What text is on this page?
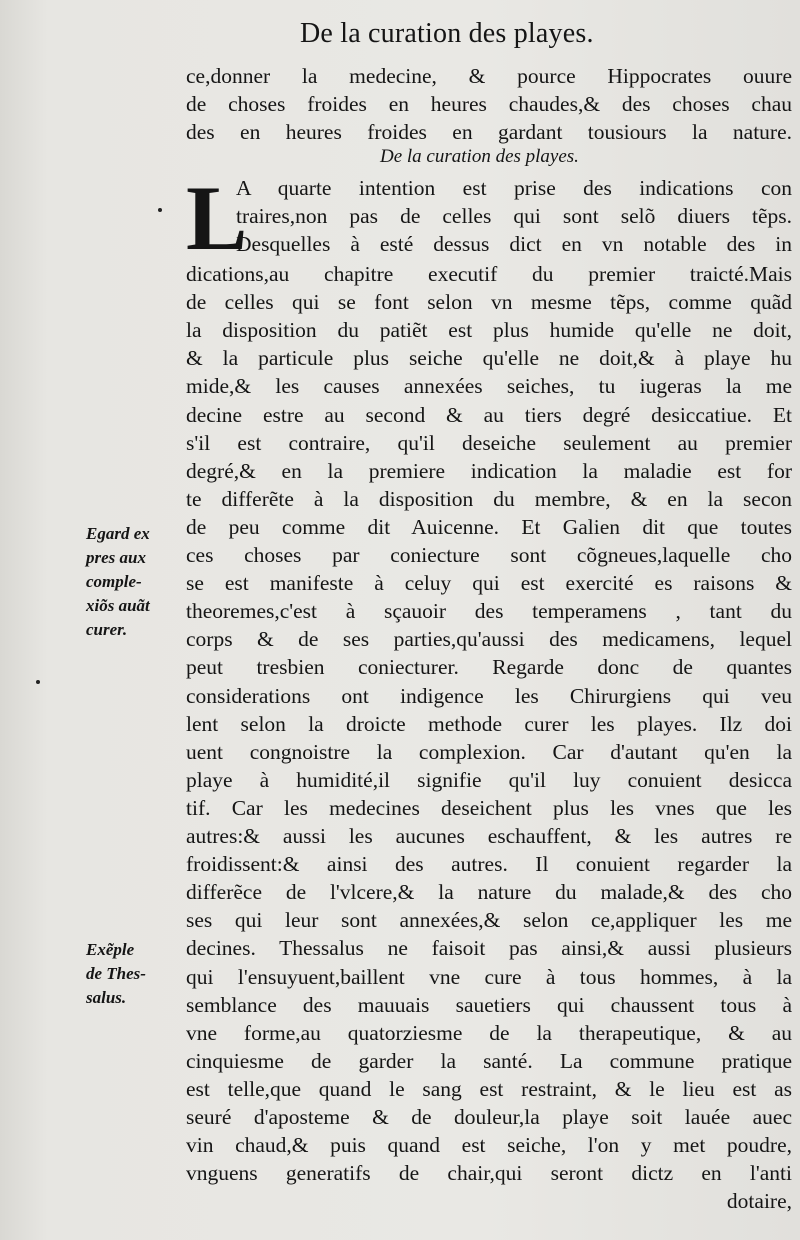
De la curation des playes.
ce,donner la medecine, & pource Hippocrates ouure
de choses froides en heures chaudes,& des choses chau
des en heures froides en gardant tousiours la nature.
De la curation des playes.
L
A quarte intention est prise des indications con
traires,non pas de celles qui sont selõ diuers tẽps.
Desquelles à esté dessus dict en vn notable des in
dications,au chapitre executif du premier traicté.Mais
de celles qui se font selon vn mesme tẽps, comme quãd
la disposition du patiẽt est plus humide qu'elle ne doit,
& la particule plus seiche qu'elle ne doit,& à playe hu
mide,& les causes annexées seiches, tu iugeras la me
decine estre au second & au tiers degré desiccatiue. Et
s'il est contraire, qu'il deseiche seulement au premier
degré,& en la premiere indication la maladie est for
te differẽte à la disposition du membre, & en la secon
de peu comme dit Auicenne. Et Galien dit que toutes
ces choses par coniecture sont cõgneues,laquelle cho
se est manifeste à celuy qui est exercité es raisons &
theoremes,c'est à sçauoir des temperamens , tant du
corps & de ses parties,qu'aussi des medicamens, lequel
peut tresbien coniecturer. Regarde donc de quantes
considerations ont indigence les Chirurgiens qui veu
lent selon la droicte methode curer les playes. Ilz doi
uent congnoistre la complexion. Car d'autant qu'en la
playe à humidité,il signifie qu'il luy conuient desicca
tif. Car les medecines deseichent plus les vnes que les
autres:& aussi les aucunes eschauffent, & les autres re
froidissent:& ainsi des autres. Il conuient regarder la
differẽce de l'vlcere,& la nature du malade,& des cho
ses qui leur sont annexées,& selon ce,appliquer les me
decines. Thessalus ne faisoit pas ainsi,& aussi plusieurs
qui l'ensuyuent,baillent vne cure à tous hommes, à la
semblance des mauuais sauetiers qui chaussent tous à
vne forme,au quatorziesme de la therapeutique, & au
cinquiesme de garder la santé. La commune pratique
est telle,que quand le sang est restraint, & le lieu est as
seuré d'aposteme & de douleur,la playe soit lauée auec
vin chaud,& puis quand est seiche, l'on y met poudre,
vnguens generatifs de chair,qui seront dictz en l'anti
dotaire,
Egard ex
pres aux
comple-
xiõs auãt
curer.
Exẽple
de Thes-
salus.
